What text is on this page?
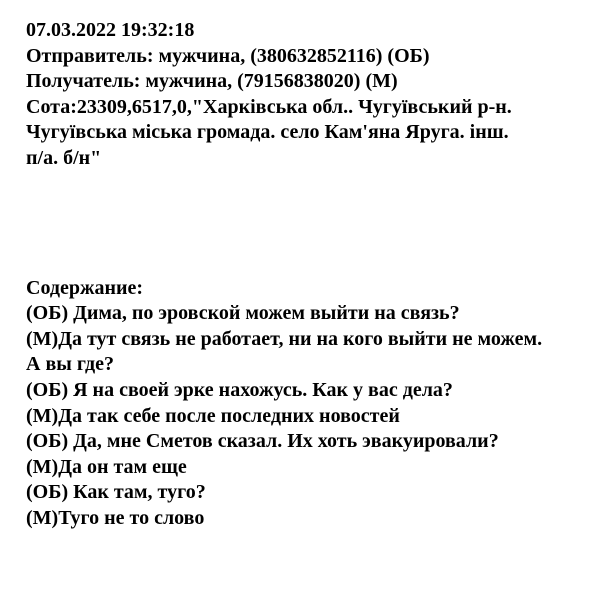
07.03.2022 19:32:18
Отправитель: мужчина, (380632852116) (ОБ)
Получатель: мужчина, (79156838020) (М)
Сота:23309,6517,0,"Харківська обл.. Чугуївський р-н.
Чугуївська міська громада. село Кам'яна Яруга. інш.
п/а. б/н"
Содержание:
(ОБ) Дима, по эровской можем выйти на связь?
(М)Да тут связь не работает, ни на кого выйти не можем.
А вы где?
(ОБ) Я на своей эрке нахожусь. Как у вас дела?
(М)Да так себе после последних новостей
(ОБ) Да, мне Сметов сказал. Их хоть эвакуировали?
(М)Да он там еще
(ОБ) Как там, туго?
(М)Туго не то слово
